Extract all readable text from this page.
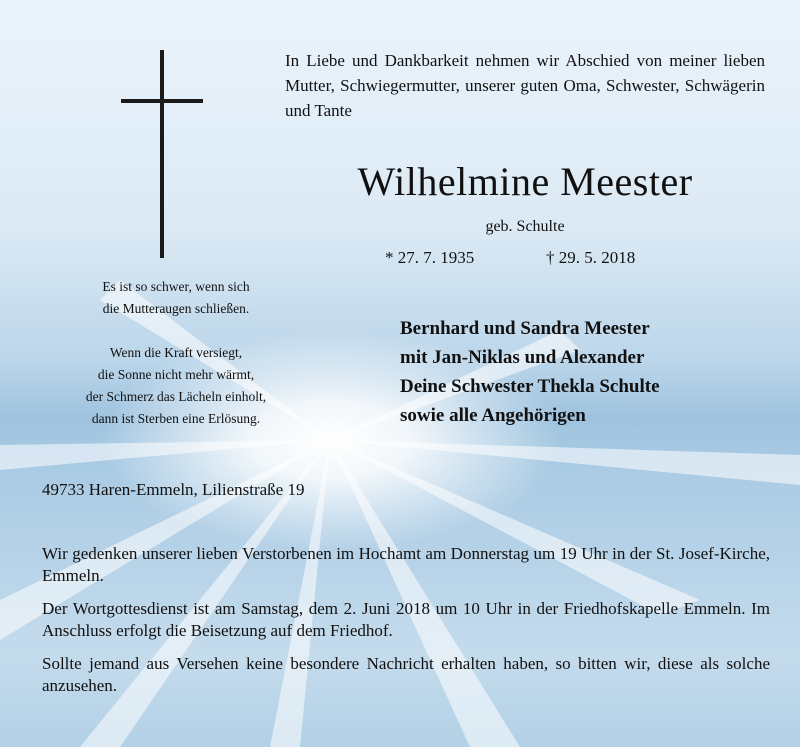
In Liebe und Dankbarkeit nehmen wir Abschied von meiner lieben Mutter, Schwiegermutter, unserer guten Oma, Schwester, Schwägerin und Tante
Wilhelmine Meester
geb. Schulte
* 27. 7. 1935	† 29. 5. 2018
Es ist so schwer, wenn sich
die Mutteraugen schließen.
Wenn die Kraft versiegt,
die Sonne nicht mehr wärmt,
der Schmerz das Lächeln einholt,
dann ist Sterben eine Erlösung.
Bernhard und Sandra Meester
mit Jan-Niklas und Alexander
Deine Schwester Thekla Schulte
sowie alle Angehörigen
49733 Haren-Emmeln, Lilienstraße 19

Wir gedenken unserer lieben Verstorbenen im Hochamt am Donnerstag um 19 Uhr in der St. Josef-Kirche, Emmeln.

Der Wortgottesdienst ist am Samstag, dem 2. Juni 2018 um 10 Uhr in der Friedhofskapelle Emmeln. Im Anschluss erfolgt die Beisetzung auf dem Friedhof.

Sollte jemand aus Versehen keine besondere Nachricht erhalten haben, so bitten wir, diese als solche anzusehen.
